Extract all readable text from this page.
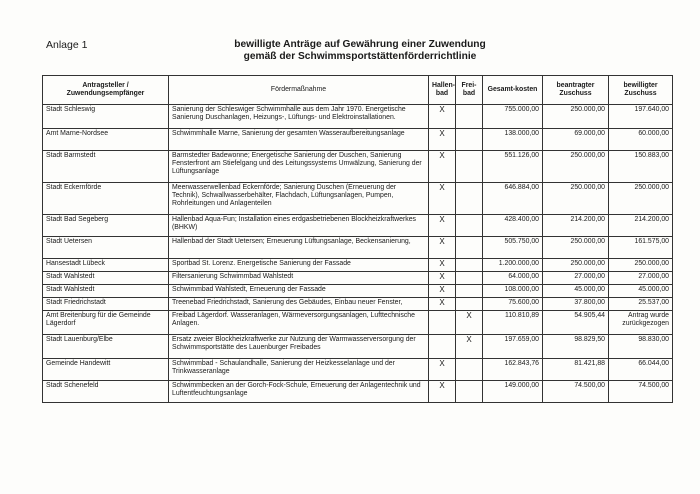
Anlage 1	bewilligte Anträge auf Gewährung einer Zuwendung
gemäß der Schwimmsportstättenförderrichtlinie
Antragsteller / Zuwendungsempfänger	Fördermaßnahme	Hallen-bad	Frei-bad	Gesamt-kosten	beantragter Zuschuss	bewilligter Zuschuss
Stadt Schleswig	Sanierung der Schleswiger Schwimmhalle aus dem Jahr 1970. Energetische Sanierung Duschanlagen, Heizungs-, Lüftungs- und Elektroinstallationen.	X		755.000,00	250.000,00	197.640,00
Amt Marne-Nordsee	Schwimmhalle Marne, Sanierung der gesamten Wasseraufbereitungsanlage	X		138.000,00	69.000,00	60.000,00
Stadt Barmstedt	Barmstedter Badewonne; Energetische Sanierung der Duschen, Sanierung Fensterfront am Stiefelgang und des Leitungssystems Umwälzung, Sanierung der Lüftungsanlage	X		551.126,00	250.000,00	150.883,00
Stadt Eckernförde	Meerwasserwellenbad Eckernförde; Sanierung Duschen (Erneuerung der Technik), Schwallwasserbehälter, Flachdach, Lüftungsanlagen, Pumpen, Rohrleitungen und Anlagenteilen	X		646.884,00	250.000,00	250.000,00
Stadt Bad Segeberg	Hallenbad Aqua-Fun; Installation eines erdgasbetriebenen Blockheizkraftwerkes (BHKW)	X		428.400,00	214.200,00	214.200,00
Stadt Uetersen	Hallenbad der Stadt Uetersen; Erneuerung Lüftungsanlage, Beckensanierung,	X		505.750,00	250.000,00	161.575,00
Hansestadt Lübeck	Sportbad St. Lorenz. Energetische Sanierung der Fassade	X		1.200.000,00	250.000,00	250.000,00
Stadt Wahlstedt	Filtersanierung Schwimmbad Wahlstedt	X		64.000,00	27.000,00	27.000,00
Stadt Wahlstedt	Schwimmbad Wahlstedt, Erneuerung der Fassade	X		108.000,00	45.000,00	45.000,00
Stadt Friedrichstadt	Treenebad Friedrichstadt, Sanierung des Gebäudes, Einbau neuer Fenster,	X		75.600,00	37.800,00	25.537,00
Amt Breitenburg für die Gemeinde Lägerdorf	Freibad Lägerdorf. Wasseranlagen, Wärmeversorgungsanlagen, Lufttechnische Anlagen.		X	110.810,89	54.905,44	Antrag wurde zurückgezogen
Stadt Lauenburg/Elbe	Ersatz zweier Blockheizkraftwerke zur Nutzung der Warmwasserversorgung der Schwimmsportstätte des Lauenburger Freibades		X	197.659,00	98.829,50	98.830,00
Gemeinde Handewitt	Schwimmbad - Schaulandhalle, Sanierung der Heizkesselanlage und der Trinkwasseranlage	X		162.843,76	81.421,88	66.044,00
Stadt Schenefeld	Schwimmbecken an der Gorch-Fock-Schule, Erneuerung der Anlagentechnik und Luftentfeuchtungsanlage	X		149.000,00	74.500,00	74.500,00
